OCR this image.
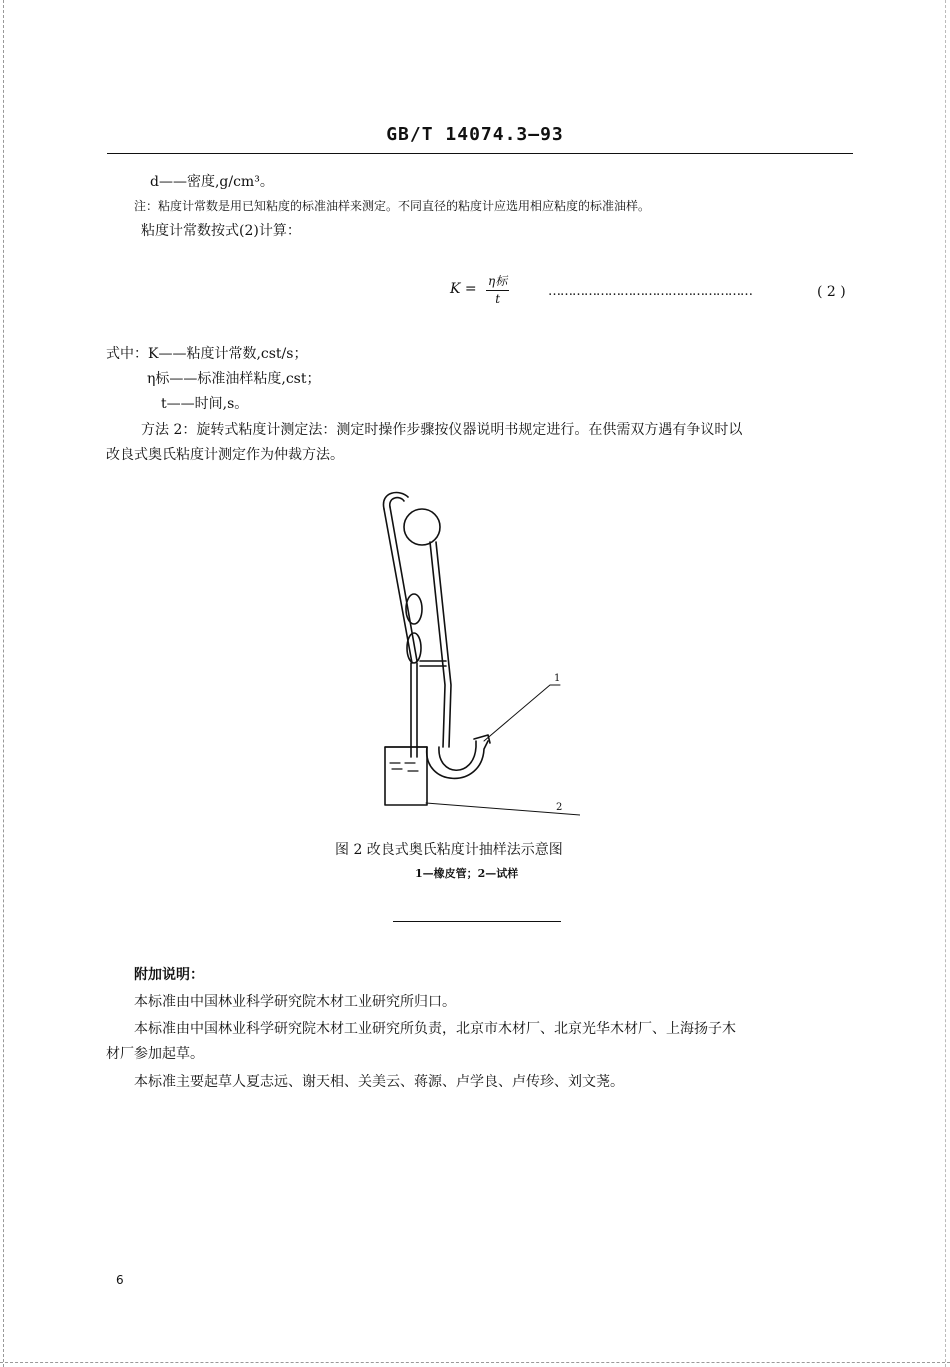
GB/T 14074.3—93
d——密度,g/cm³。
注：粘度计常数是用已知粘度的标准油样来测定。不同直径的粘度计应选用相应粘度的标准油样。
粘度计常数按式(2)计算：
K = η标
t	……………………………………………	( 2 )
式中：K——粘度计常数,cst/s；
η标——标准油样粘度,cst；
t——时间,s。
方法 2：旋转式粘度计测定法：测定时操作步骤按仪器说明书规定进行。在供需双方遇有争议时以
改良式奥氏粘度计测定作为仲裁方法。
1
2
图 2 改良式奥氏粘度计抽样法示意图
1—橡皮管；2—试样
附加说明：
本标准由中国林业科学研究院木材工业研究所归口。
本标准由中国林业科学研究院木材工业研究所负责，北京市木材厂、北京光华木材厂、上海扬子木
材厂参加起草。
本标准主要起草人夏志远、谢天相、关美云、蒋源、卢学良、卢传珍、刘文荛。
6
